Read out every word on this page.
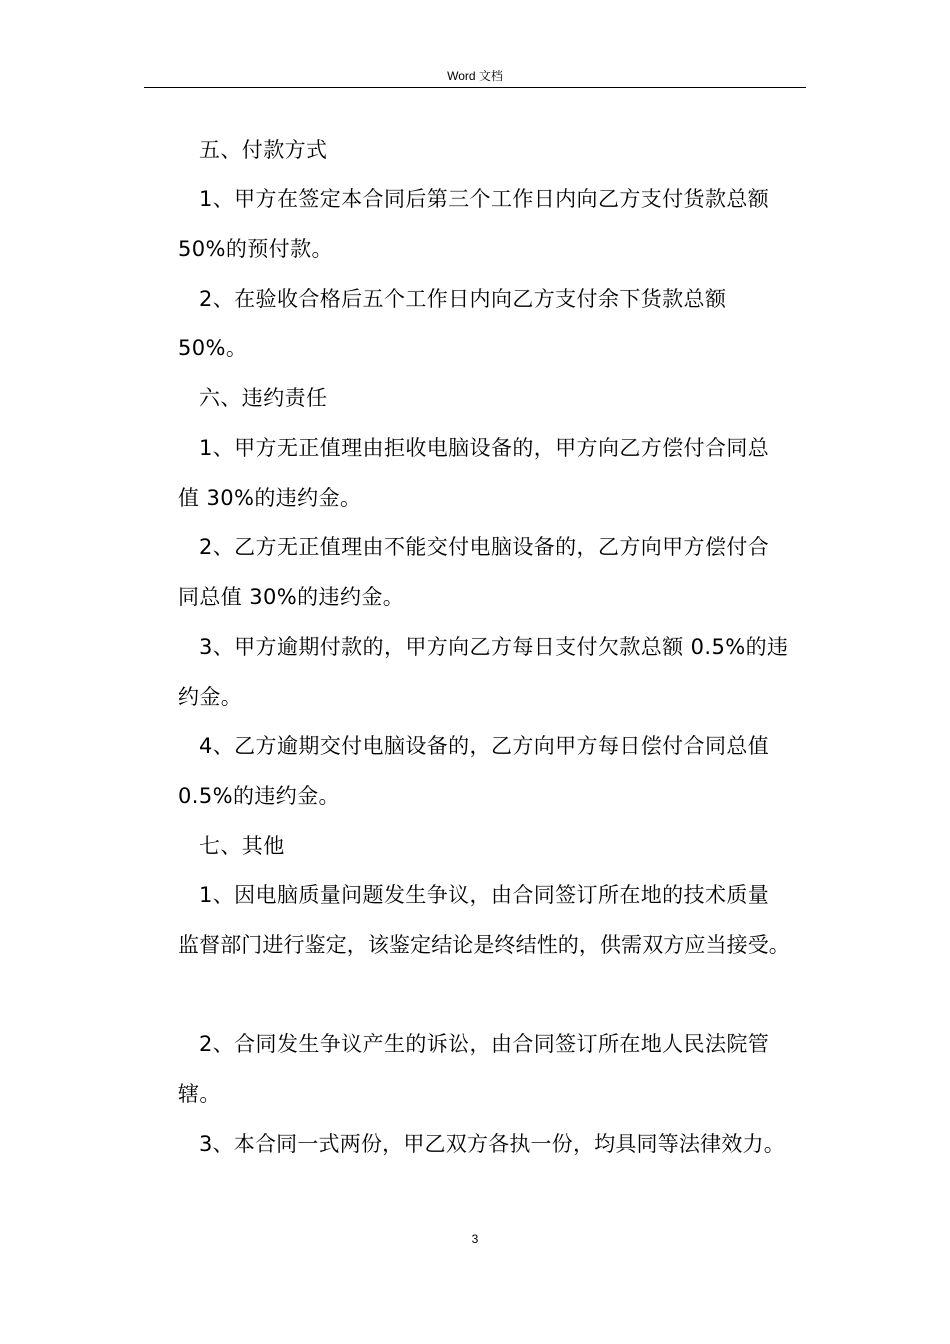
Word 文档
五、付款方式
1、甲方在签定本合同后第三个工作日内向乙方支付货款总额
50%的预付款。
2、在验收合格后五个工作日内向乙方支付余下货款总额
50%。
六、违约责任
1、甲方无正值理由拒收电脑设备的，甲方向乙方偿付合同总
值 30%的违约金。
2、乙方无正值理由不能交付电脑设备的，乙方向甲方偿付合
同总值 30%的违约金。
3、甲方逾期付款的，甲方向乙方每日支付欠款总额 0.5%的违
约金。
4、乙方逾期交付电脑设备的，乙方向甲方每日偿付合同总值
0.5%的违约金。
七、其他
1、因电脑质量问题发生争议，由合同签订所在地的技术质量
监督部门进行鉴定，该鉴定结论是终结性的，供需双方应当接受。
2、合同发生争议产生的诉讼，由合同签订所在地人民法院管
辖。
3、本合同一式两份，甲乙双方各执一份，均具同等法律效力。
3
